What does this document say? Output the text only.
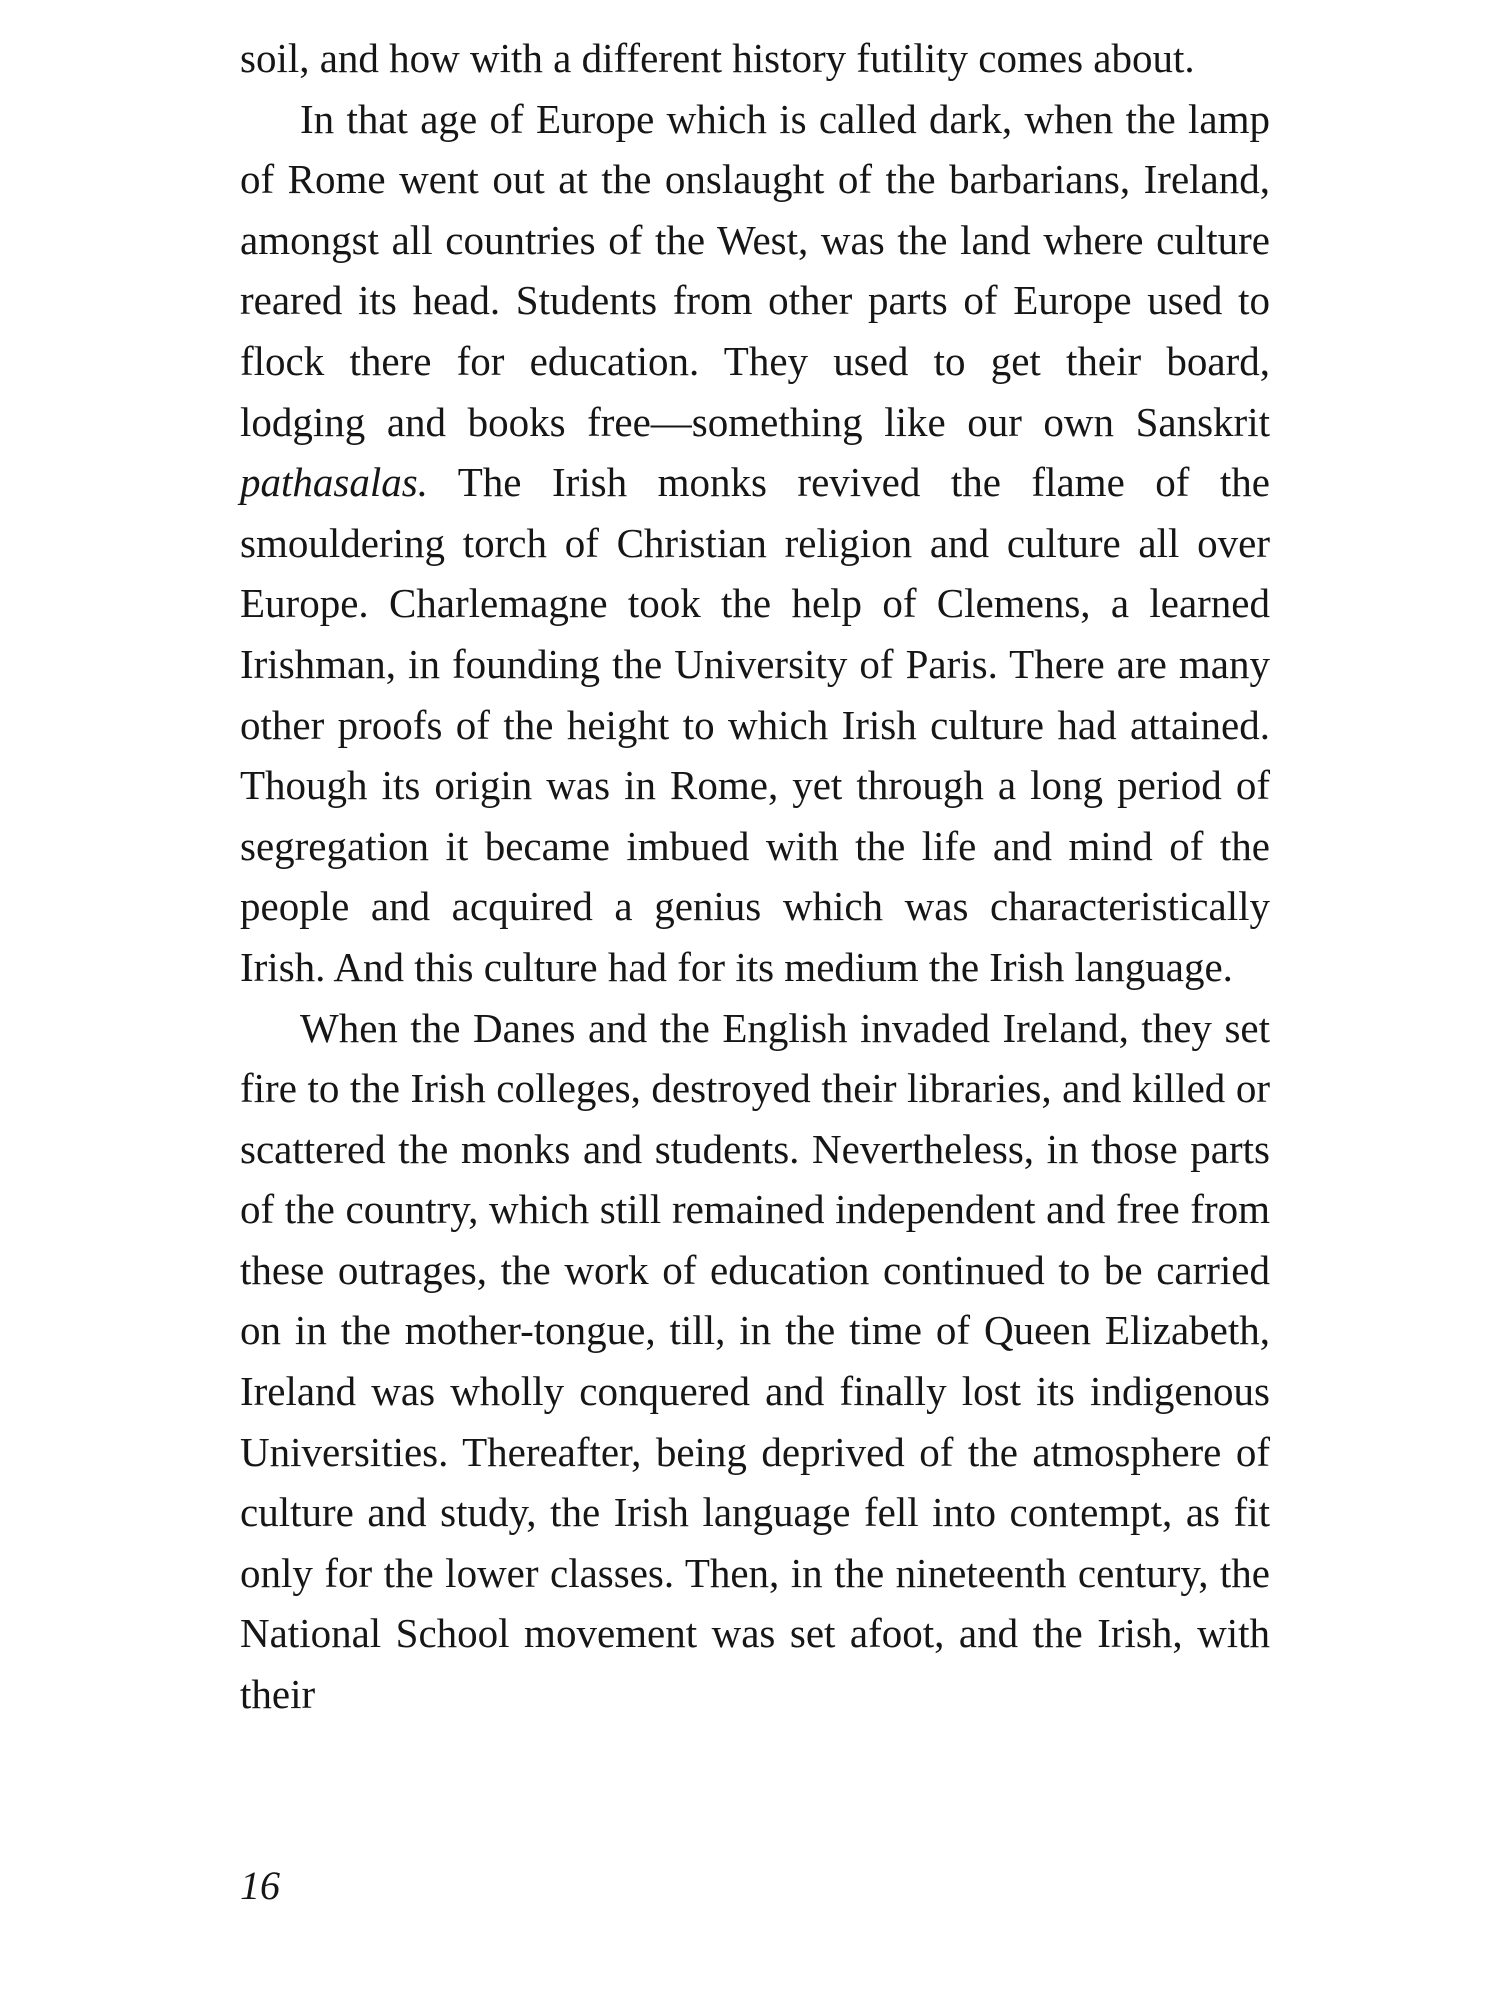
soil, and how with a different history futility comes about.

In that age of Europe which is called dark, when the lamp of Rome went out at the onslaught of the barbarians, Ireland, amongst all countries of the West, was the land where culture reared its head. Students from other parts of Europe used to flock there for education. They used to get their board, lodging and books free—something like our own Sanskrit pathasalas. The Irish monks revived the flame of the smouldering torch of Christian religion and culture all over Europe. Charlemagne took the help of Clemens, a learned Irishman, in founding the University of Paris. There are many other proofs of the height to which Irish culture had attained. Though its origin was in Rome, yet through a long period of segregation it became imbued with the life and mind of the people and acquired a genius which was characteristically Irish. And this culture had for its medium the Irish language.

When the Danes and the English invaded Ireland, they set fire to the Irish colleges, destroyed their libraries, and killed or scattered the monks and students. Nevertheless, in those parts of the country, which still remained independent and free from these outrages, the work of education continued to be carried on in the mother-tongue, till, in the time of Queen Elizabeth, Ireland was wholly conquered and finally lost its indigenous Universities. Thereafter, being deprived of the atmosphere of culture and study, the Irish language fell into contempt, as fit only for the lower classes. Then, in the nineteenth century, the National School movement was set afoot, and the Irish, with their

16
